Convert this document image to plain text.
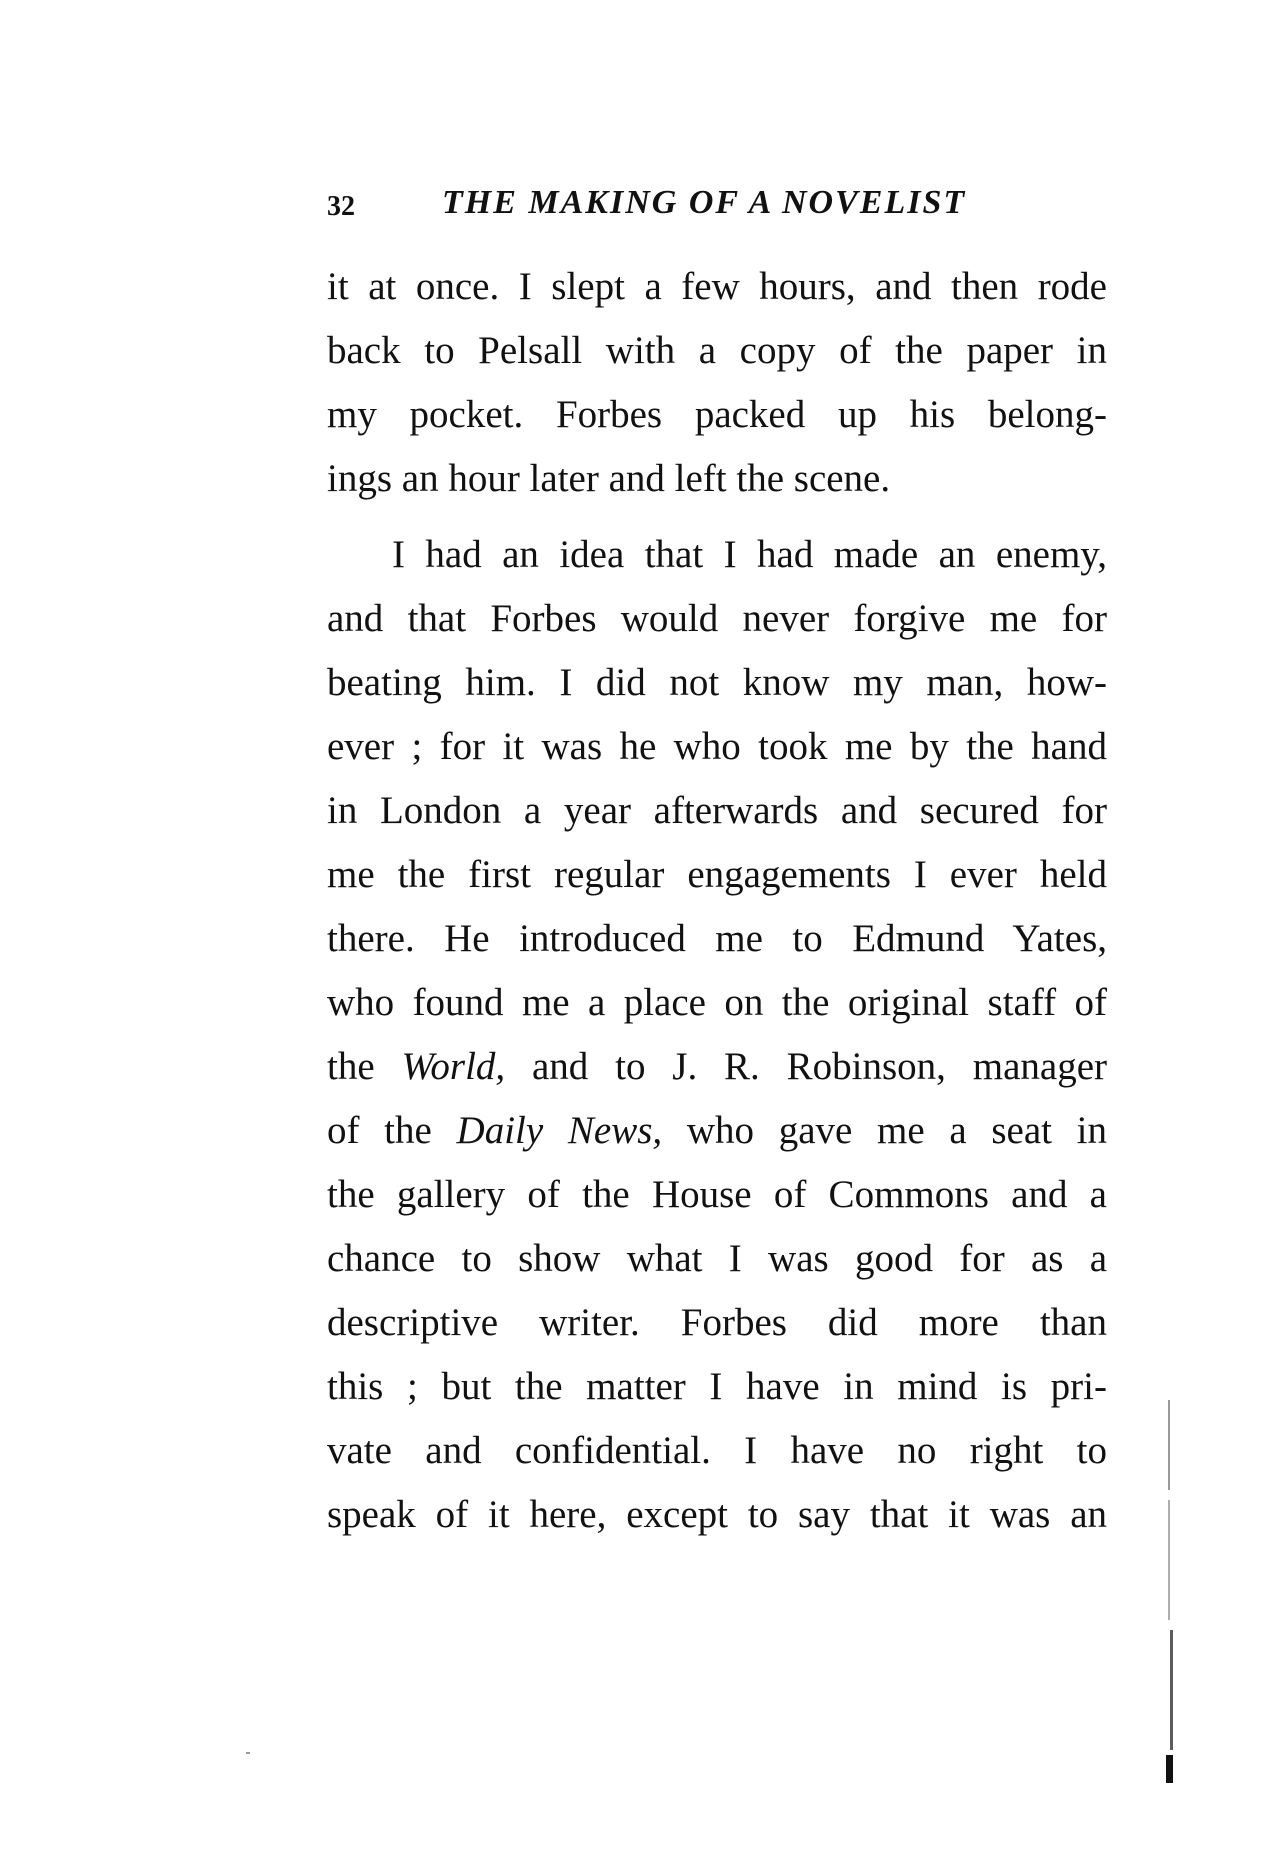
32	THE MAKING OF A NOVELIST
it at once. I slept a few hours, and then rode
back to Pelsall with a copy of the paper in
my pocket. Forbes packed up his belong-
ings an hour later and left the scene.
I had an idea that I had made an enemy,
and that Forbes would never forgive me for
beating him. I did not know my man, how-
ever ; for it was he who took me by the hand
in London a year afterwards and secured for
me the first regular engagements I ever held
there. He introduced me to Edmund Yates,
who found me a place on the original staff of
the World, and to J. R. Robinson, manager
of the Daily News, who gave me a seat in
the gallery of the House of Commons and a
chance to show what I was good for as a
descriptive writer. Forbes did more than
this ; but the matter I have in mind is pri-
vate and confidential. I have no right to
speak of it here, except to say that it was an
